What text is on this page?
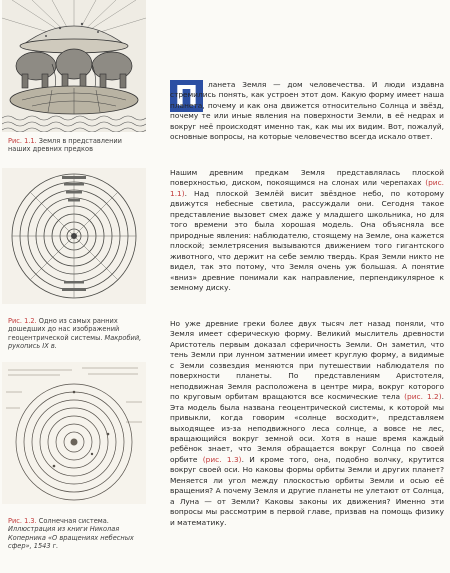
Рис. 1.1. Земля в представлении наших древних предков
Рис. 1.2. Одно из самых ранних дошедших до нас изображений геоцентрической системы. Макробий, рукопись IX в.
Рис. 1.3. Солнечная система. Иллюстрация из книги Николая Коперника «О вращениях небесных сфер», 1543 г.
П	ланета Земля — дом человечества. И люди издавна стремились понять, как устроен этот дом. Какую форму имеет наша планета, почему и как она движется относительно Солнца и звёзд, почему те или иные явления на поверхности Земли, в её недрах и вокруг неё происходят именно так, как мы их видим. Вот, пожалуй, основные вопросы, на которые человечество всегда искало ответ.

Нашим древним предкам Земля представлялась плоской поверхностью, диском, покоящимся на слонах или черепахах (рис. 1.1). Над плоской Землёй висит звёздное небо, по которому движутся небесные светила, рассуждали они. Сегодня такое представление вызовет смех даже у младшего школьника, но для того времени это была хорошая модель. Она объясняла все природные явления: наблюдателю, стоящему на Земле, она кажется плоской; землетрясения вызываются движением того гигантского животного, что держит на себе землю твердь. Края Земли никто не видел, так это потому, что Земля очень уж большая. А понятие «вниз» древние понимали как направление, перпендикулярное к земному диску.

Но уже древние греки более двух тысяч лет назад поняли, что Земля имеет сферическую форму. Великий мыслитель древности Аристотель первым доказал сферичность Земли. Он заметил, что тень Земли при лунном затмении имеет круглую форму, а видимые с Земли созвездия меняются при путешествии наблюдателя по поверхности планеты. По представлениям Аристотеля, неподвижная Земля расположена в центре мира, вокруг которого по круговым орбитам вращаются все космические тела (рис. 1.2). Эта модель была названа геоцентрической системы, к которой мы привыкли, когда говорим «солнце восходит», представляем выходящее из-за неподвижного леса солнце, а вовсе не лес, вращающийся вокруг земной оси. Хотя в наше время каждый ребёнок знает, что Земля обращается вокруг Солнца по своей орбите (рис. 1.3). И кроме того, она, подобно волчку, крутится вокруг своей оси. Но каковы формы орбиты Земли и других планет? Меняется ли угол между плоскостью орбиты Земли и осью её вращения? А почему Земля и другие планеты не улетают от Солнца, а Луна — от Земли? Каковы законы их движения? Именно эти вопросы мы рассмотрим в первой главе, призвав на помощь физику и математику.
